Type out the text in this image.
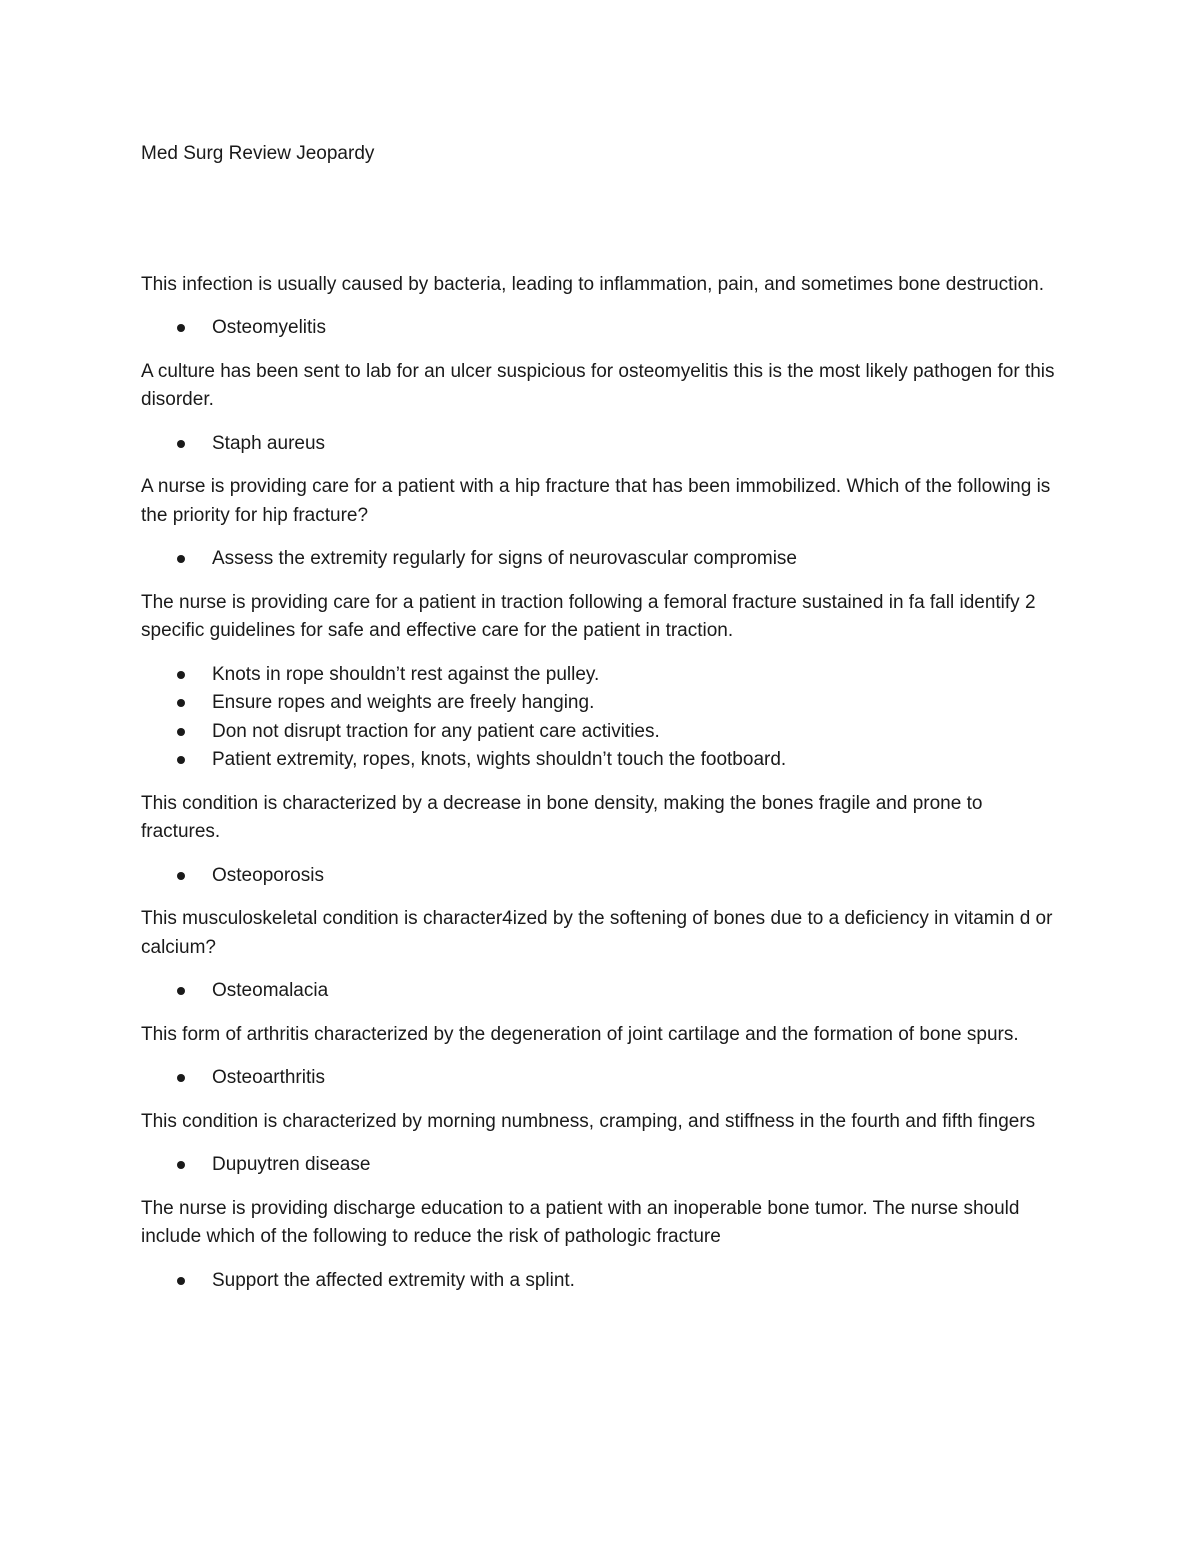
Med Surg Review Jeopardy

This infection is usually caused by bacteria, leading to inflammation, pain, and sometimes bone destruction.

Osteomyelitis

A culture has been sent to lab for an ulcer suspicious for osteomyelitis this is the most likely pathogen for this disorder.

Staph aureus

A nurse is providing care for a patient with a hip fracture that has been immobilized. Which of the following is the priority for hip fracture?

Assess the extremity regularly for signs of neurovascular compromise

The nurse is providing care for a patient in traction following a femoral fracture sustained in fa fall identify 2 specific guidelines for safe and effective care for the patient in traction.

Knots in rope shouldn’t rest against the pulley.
Ensure ropes and weights are freely hanging.
Don not disrupt traction for any patient care activities.
Patient extremity, ropes, knots, wights shouldn’t touch the footboard.

This condition is characterized by a decrease in bone density, making the bones fragile and prone to fractures.

Osteoporosis

This musculoskeletal condition is character4ized by the softening of bones due to a deficiency in vitamin d or calcium?

Osteomalacia

This form of arthritis characterized by the degeneration of joint cartilage and the formation of bone spurs.

Osteoarthritis

This condition is characterized by morning numbness, cramping, and stiffness in the fourth and fifth fingers

Dupuytren disease

The nurse is providing discharge education to a patient with an inoperable bone tumor. The nurse should include which of the following to reduce the risk of pathologic fracture

Support the affected extremity with a splint.
